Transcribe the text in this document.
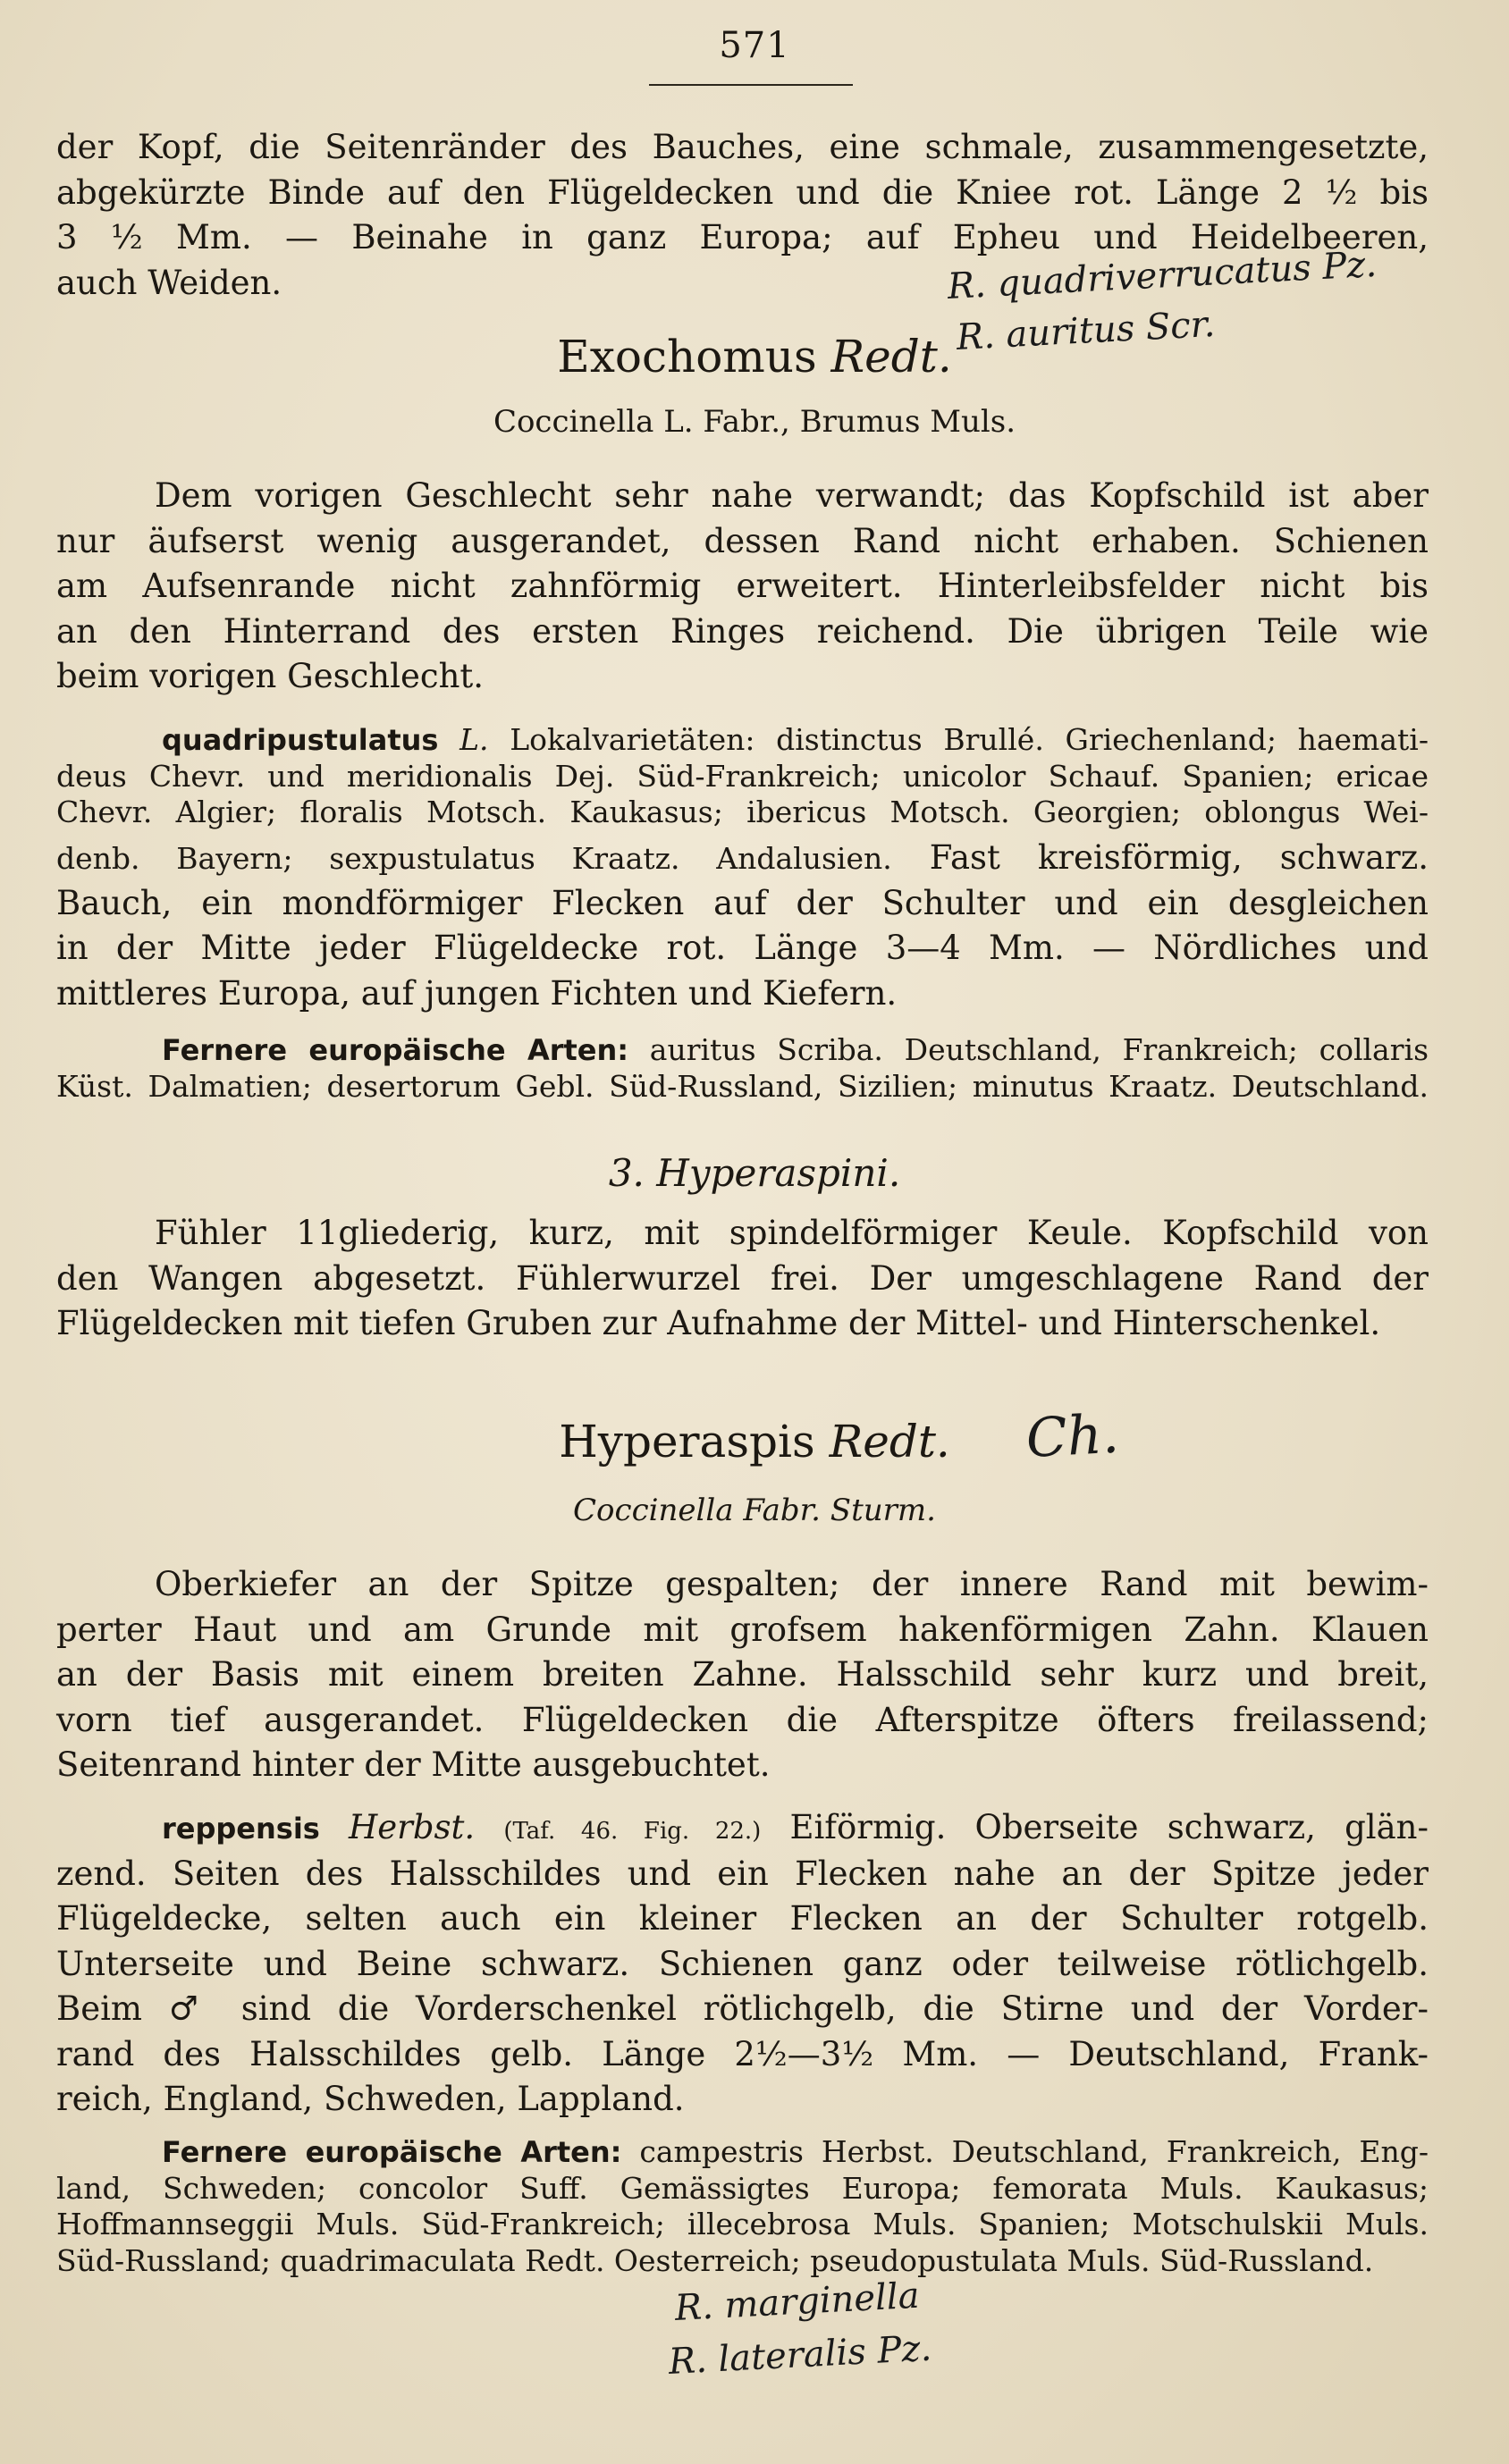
571
der Kopf, die Seitenränder des Bauches, eine schmale, zusammengesetzte,
abgekürzte Binde auf den Flügeldecken und die Kniee rot. Länge 2 ½ bis
3 ½ Mm. — Beinahe in ganz Europa; auf Epheu und Heidelbeeren,
auch Weiden.	R. quadriverrucatus Pz.
R. auritus Scr.
Exochomus Redt.
Coccinella L. Fabr., Brumus Muls.
Dem vorigen Geschlecht sehr nahe verwandt; das Kopfschild ist aber
nur äufserst wenig ausgerandet, dessen Rand nicht erhaben. Schienen
am Aufsenrande nicht zahnförmig erweitert. Hinterleibsfelder nicht bis
an den Hinterrand des ersten Ringes reichend. Die übrigen Teile wie
beim vorigen Geschlecht.
quadripustulatus L. Lokalvarietäten: distinctus Brullé. Griechenland; haemati-
deus Chevr. und meridionalis Dej. Süd-Frankreich; unicolor Schauf. Spanien; ericae
Chevr. Algier; floralis Motsch. Kaukasus; ibericus Motsch. Georgien; oblongus Wei-
denb. Bayern; sexpustulatus Kraatz. Andalusien. Fast kreisförmig, schwarz.
Bauch, ein mondförmiger Flecken auf der Schulter und ein desgleichen
in der Mitte jeder Flügeldecke rot. Länge 3—4 Mm. — Nördliches und
mittleres Europa, auf jungen Fichten und Kiefern.
Fernere europäische Arten: auritus Scriba. Deutschland, Frankreich; collaris
Küst. Dalmatien; desertorum Gebl. Süd-Russland, Sizilien; minutus Kraatz. Deutschland.
3. Hyperaspini.
Fühler 11gliederig, kurz, mit spindelförmiger Keule. Kopfschild von
den Wangen abgesetzt. Fühlerwurzel frei. Der umgeschlagene Rand der
Flügeldecken mit tiefen Gruben zur Aufnahme der Mittel- und Hinterschenkel.
Hyperaspis Redt.	Ch.
Coccinella Fabr. Sturm.
Oberkiefer an der Spitze gespalten; der innere Rand mit bewim-
perter Haut und am Grunde mit grofsem hakenförmigen Zahn. Klauen
an der Basis mit einem breiten Zahne. Halsschild sehr kurz und breit,
vorn tief ausgerandet. Flügeldecken die Afterspitze öfters freilassend;
Seitenrand hinter der Mitte ausgebuchtet.
reppensis Herbst. (Taf. 46. Fig. 22.) Eiförmig. Oberseite schwarz, glän-
zend. Seiten des Halsschildes und ein Flecken nahe an der Spitze jeder
Flügeldecke, selten auch ein kleiner Flecken an der Schulter rotgelb.
Unterseite und Beine schwarz. Schienen ganz oder teilweise rötlichgelb.
Beim ♂ sind die Vorderschenkel rötlichgelb, die Stirne und der Vorder-
rand des Halsschildes gelb. Länge 2½—3½ Mm. — Deutschland, Frank-
reich, England, Schweden, Lappland.
Fernere europäische Arten: campestris Herbst. Deutschland, Frankreich, Eng-
land, Schweden; concolor Suff. Gemässigtes Europa; femorata Muls. Kaukasus;
Hoffmannseggii Muls. Süd-Frankreich; illecebrosa Muls. Spanien; Motschulskii Muls.
Süd-Russland; quadrimaculata Redt. Oesterreich; pseudopustulata Muls. Süd-Russland.
R. marginella
R. lateralis Pz.
